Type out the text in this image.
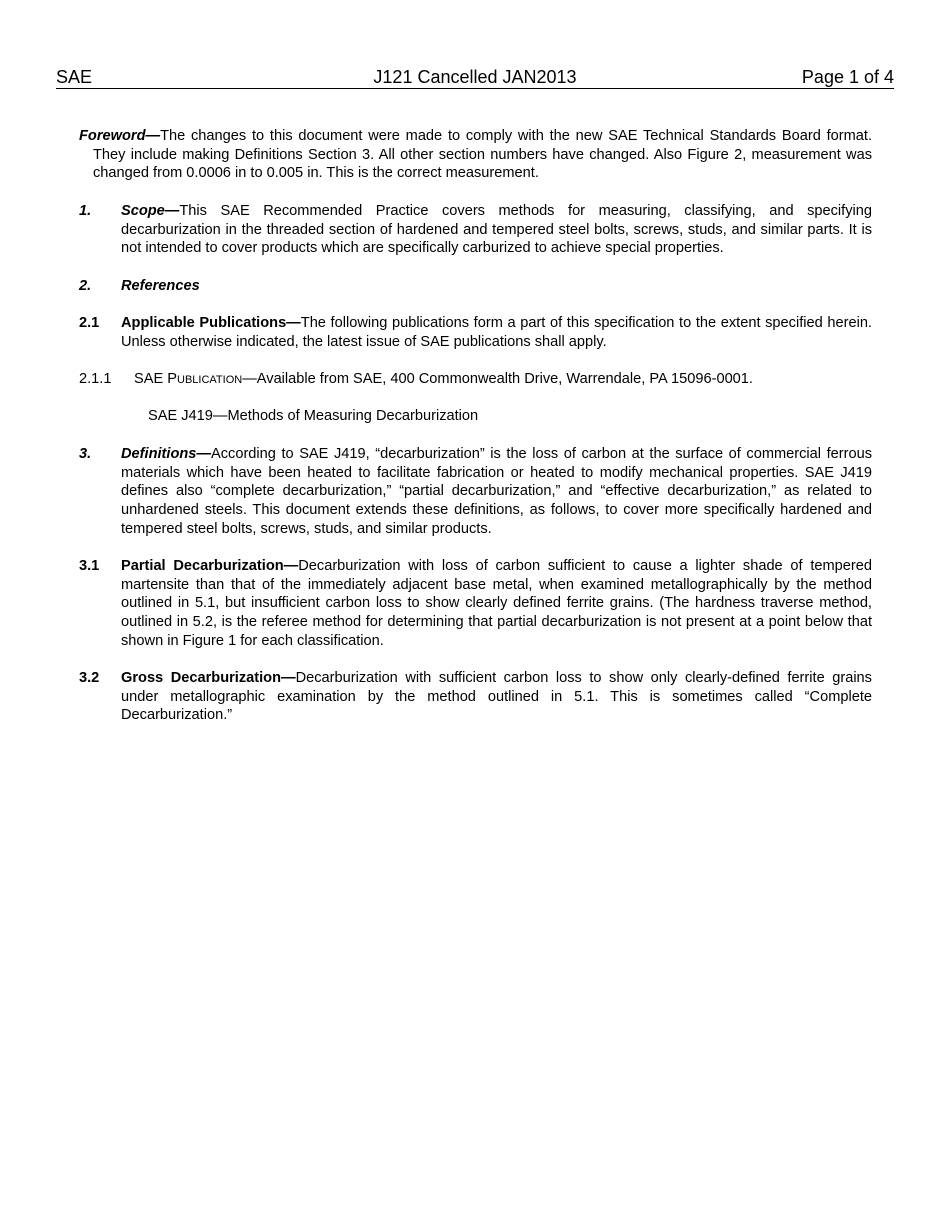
SAE	J121 Cancelled JAN2013	Page 1 of 4
Foreword—The changes to this document were made to comply with the new SAE Technical Standards Board format. They include making Definitions Section 3. All other section numbers have changed. Also Figure 2, measurement was changed from 0.0006 in to 0.005 in. This is the correct measurement.
1. Scope—This SAE Recommended Practice covers methods for measuring, classifying, and specifying decarburization in the threaded section of hardened and tempered steel bolts, screws, studs, and similar parts. It is not intended to cover products which are specifically carburized to achieve special properties.
2. References
2.1 Applicable Publications—The following publications form a part of this specification to the extent specified herein. Unless otherwise indicated, the latest issue of SAE publications shall apply.
2.1.1 SAE PUBLICATION—Available from SAE, 400 Commonwealth Drive, Warrendale, PA 15096-0001.
SAE J419—Methods of Measuring Decarburization
3. Definitions—According to SAE J419, “decarburization” is the loss of carbon at the surface of commercial ferrous materials which have been heated to facilitate fabrication or heated to modify mechanical properties. SAE J419 defines also “complete decarburization,” “partial decarburization,” and “effective decarburization,” as related to unhardened steels. This document extends these definitions, as follows, to cover more specifically hardened and tempered steel bolts, screws, studs, and similar products.
3.1 Partial Decarburization—Decarburization with loss of carbon sufficient to cause a lighter shade of tempered martensite than that of the immediately adjacent base metal, when examined metallographically by the method outlined in 5.1, but insufficient carbon loss to show clearly defined ferrite grains. (The hardness traverse method, outlined in 5.2, is the referee method for determining that partial decarburization is not present at a point below that shown in Figure 1 for each classification.
3.2 Gross Decarburization—Decarburization with sufficient carbon loss to show only clearly-defined ferrite grains under metallographic examination by the method outlined in 5.1. This is sometimes called “Complete Decarburization.”
